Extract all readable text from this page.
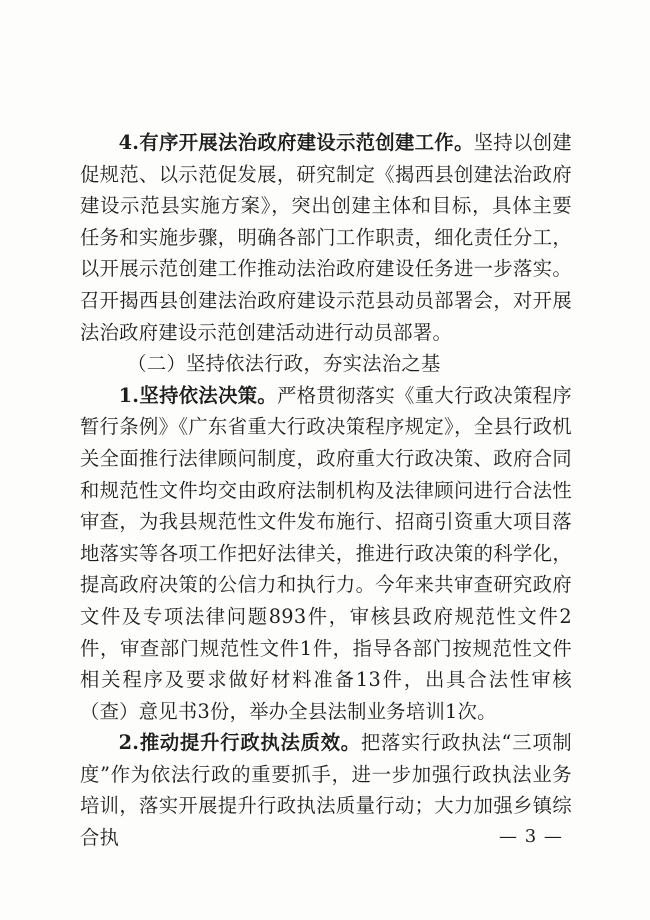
4.有序开展法治政府建设示范创建工作。坚持以创建促规范、以示范促发展，研究制定《揭西县创建法治政府建设示范县实施方案》，突出创建主体和目标，具体主要任务和实施步骤，明确各部门工作职责，细化责任分工，以开展示范创建工作推动法治政府建设任务进一步落实。召开揭西县创建法治政府建设示范县动员部署会，对开展法治政府建设示范创建活动进行动员部署。

（二）坚持依法行政，夯实法治之基

1.坚持依法决策。严格贯彻落实《重大行政决策程序暂行条例》《广东省重大行政决策程序规定》，全县行政机关全面推行法律顾问制度，政府重大行政决策、政府合同和规范性文件均交由政府法制机构及法律顾问进行合法性审查，为我县规范性文件发布施行、招商引资重大项目落地落实等各项工作把好法律关，推进行政决策的科学化，提高政府决策的公信力和执行力。今年来共审查研究政府文件及专项法律问题893件，审核县政府规范性文件2件，审查部门规范性文件1件，指导各部门按规范性文件相关程序及要求做好材料准备13件，出具合法性审核（查）意见书3份，举办全县法制业务培训1次。

2.推动提升行政执法质效。把落实行政执法“三项制度”作为依法行政的重要抓手，进一步加强行政执法业务培训，落实开展提升行政执法质量行动；大力加强乡镇综合执	— 3 —
